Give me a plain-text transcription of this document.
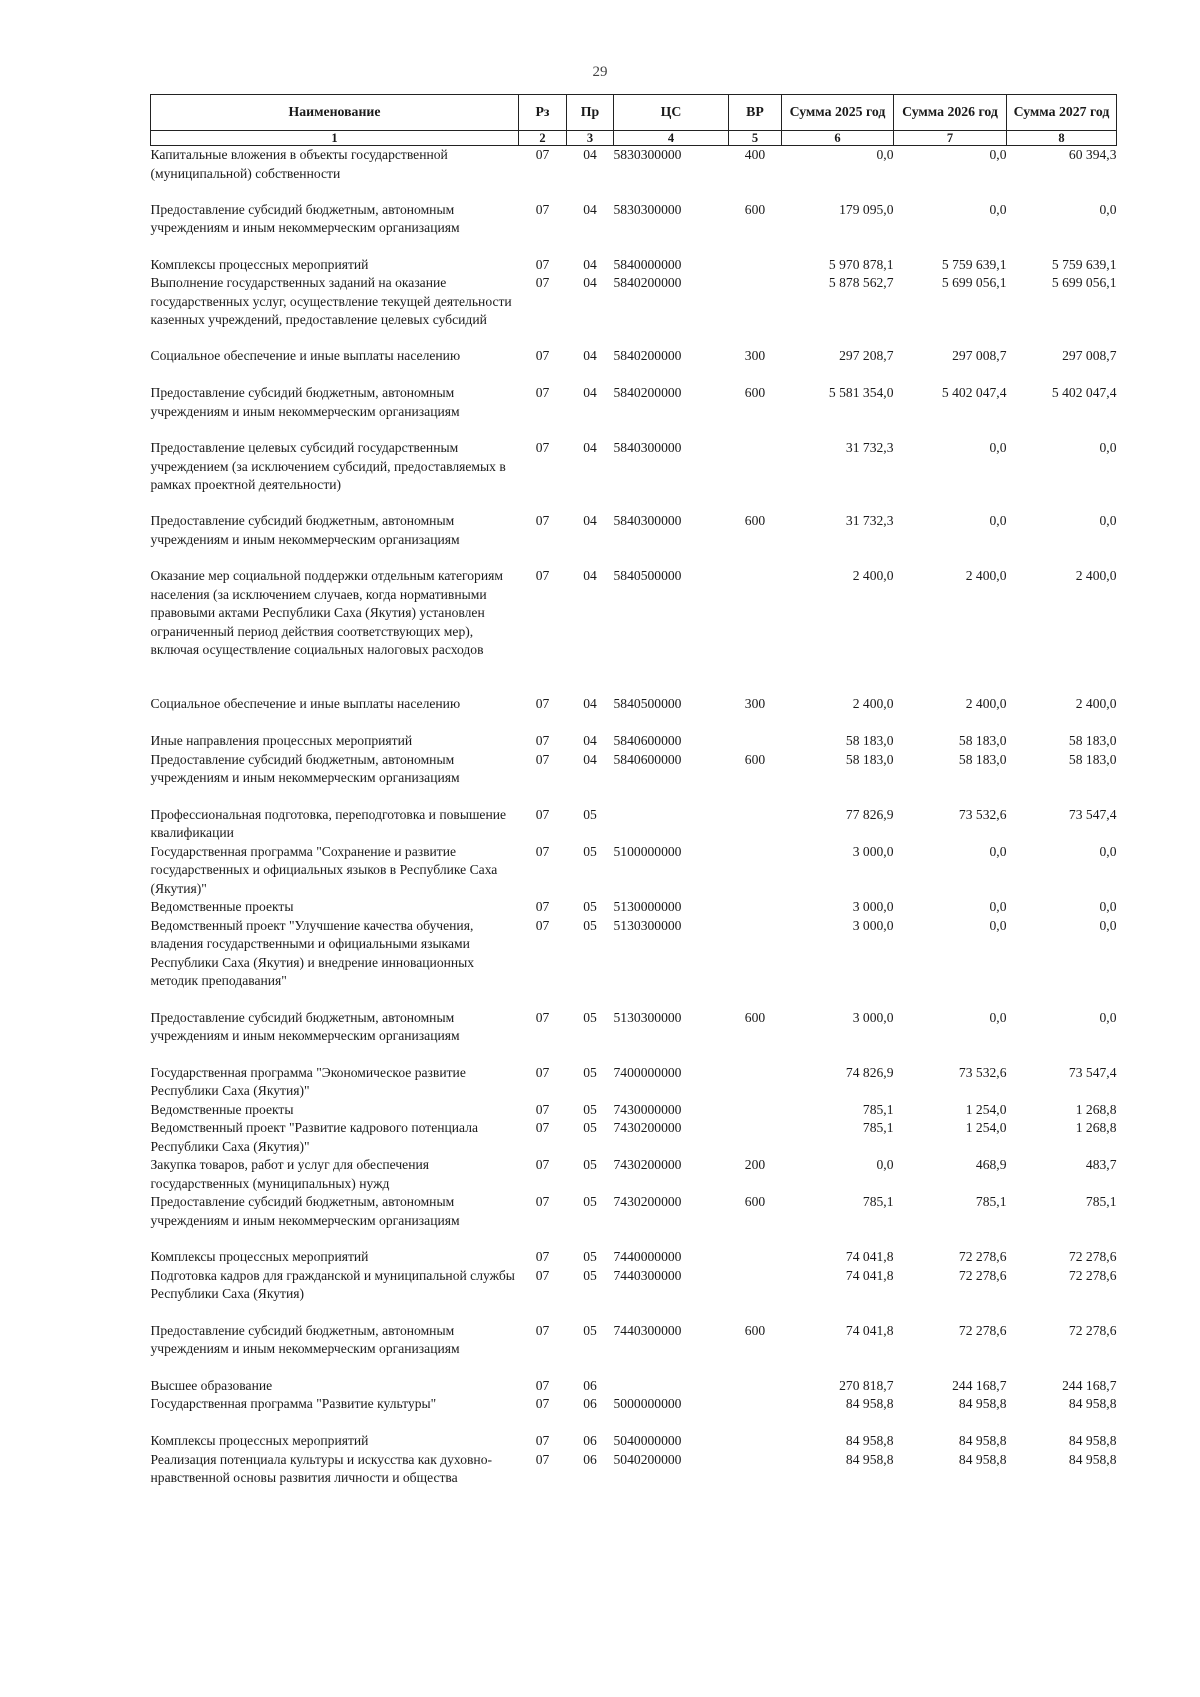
29
Наименование	Рз	Пр	ЦС	ВР	Сумма 2025 год	Сумма 2026 год	Сумма 2027 год
1	2	3	4	5	6	7	8
Капитальные вложения в объекты государственной (муниципальной) собственности	07	04	5830300000	400	0,0	0,0	60 394,3
Предоставление субсидий бюджетным, автономным учреждениям и иным некоммерческим организациям	07	04	5830300000	600	179 095,0	0,0	0,0
Комплексы процессных мероприятий	07	04	5840000000		5 970 878,1	5 759 639,1	5 759 639,1
Выполнение государственных заданий на оказание государственных услуг, осуществление текущей деятельности казенных учреждений, предоставление целевых субсидий	07	04	5840200000		5 878 562,7	5 699 056,1	5 699 056,1
Социальное обеспечение и иные выплаты населению	07	04	5840200000	300	297 208,7	297 008,7	297 008,7
Предоставление субсидий бюджетным, автономным учреждениям и иным некоммерческим организациям	07	04	5840200000	600	5 581 354,0	5 402 047,4	5 402 047,4
Предоставление целевых субсидий государственным учреждением (за исключением субсидий, предоставляемых в рамках проектной деятельности)	07	04	5840300000		31 732,3	0,0	0,0
Предоставление субсидий бюджетным, автономным учреждениям и иным некоммерческим организациям	07	04	5840300000	600	31 732,3	0,0	0,0
Оказание мер социальной поддержки отдельным категориям населения (за исключением случаев, когда нормативными правовыми актами Республики Саха (Якутия) установлен ограниченный период действия соответствующих мер), включая осуществление социальных налоговых расходов	07	04	5840500000		2 400,0	2 400,0	2 400,0
Социальное обеспечение и иные выплаты населению	07	04	5840500000	300	2 400,0	2 400,0	2 400,0
Иные направления процессных мероприятий	07	04	5840600000		58 183,0	58 183,0	58 183,0
Предоставление субсидий бюджетным, автономным учреждениям и иным некоммерческим организациям	07	04	5840600000	600	58 183,0	58 183,0	58 183,0
Профессиональная подготовка, переподготовка и повышение квалификации	07	05			77 826,9	73 532,6	73 547,4
Государственная программа "Сохранение и развитие государственных и официальных языков в Республике Саха (Якутия)"	07	05	5100000000		3 000,0	0,0	0,0
Ведомственные проекты	07	05	5130000000		3 000,0	0,0	0,0
Ведомственный проект "Улучшение качества обучения, владения государственными и официальными языками Республики Саха (Якутия) и внедрение инновационных методик преподавания"	07	05	5130300000		3 000,0	0,0	0,0
Предоставление субсидий бюджетным, автономным учреждениям и иным некоммерческим организациям	07	05	5130300000	600	3 000,0	0,0	0,0
Государственная программа "Экономическое развитие Республики Саха (Якутия)"	07	05	7400000000		74 826,9	73 532,6	73 547,4
Ведомственные проекты	07	05	7430000000		785,1	1 254,0	1 268,8
Ведомственный проект "Развитие кадрового потенциала Республики Саха (Якутия)"	07	05	7430200000		785,1	1 254,0	1 268,8
Закупка товаров, работ и услуг для обеспечения государственных (муниципальных) нужд	07	05	7430200000	200	0,0	468,9	483,7
Предоставление субсидий бюджетным, автономным учреждениям и иным некоммерческим организациям	07	05	7430200000	600	785,1	785,1	785,1
Комплексы процессных мероприятий	07	05	7440000000		74 041,8	72 278,6	72 278,6
Подготовка кадров для гражданской и муниципальной службы Республики Саха (Якутия)	07	05	7440300000		74 041,8	72 278,6	72 278,6
Предоставление субсидий бюджетным, автономным учреждениям и иным некоммерческим организациям	07	05	7440300000	600	74 041,8	72 278,6	72 278,6
Высшее образование	07	06			270 818,7	244 168,7	244 168,7
Государственная программа "Развитие культуры"	07	06	5000000000		84 958,8	84 958,8	84 958,8
Комплексы процессных мероприятий	07	06	5040000000		84 958,8	84 958,8	84 958,8
Реализация потенциала культуры и искусства как духовно-нравственной основы развития личности и общества	07	06	5040200000		84 958,8	84 958,8	84 958,8
